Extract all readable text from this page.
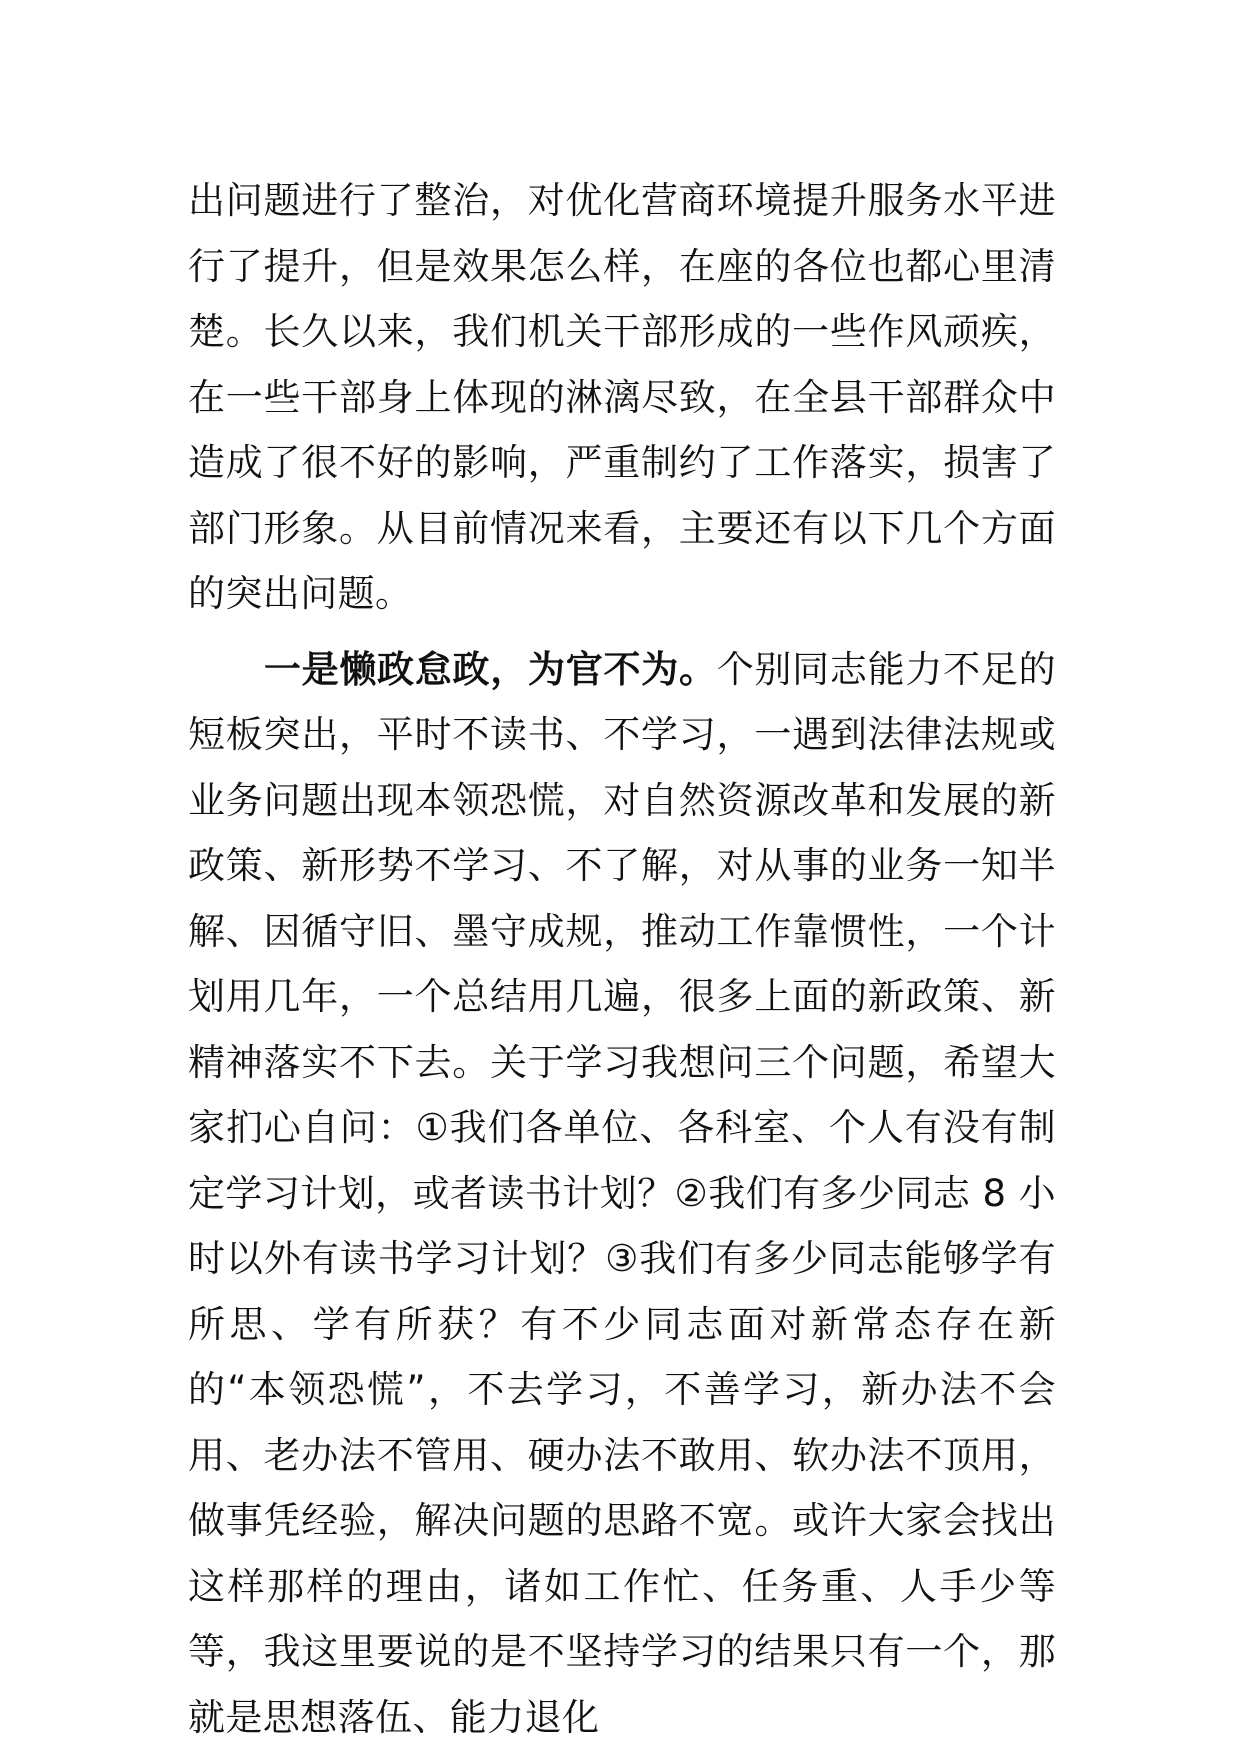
出问题进行了整治，对优化营商环境提升服务水平进行了提升，但是效果怎么样，在座的各位也都心里清楚。长久以来，我们机关干部形成的一些作风顽疾，在一些干部身上体现的淋漓尽致，在全县干部群众中造成了很不好的影响，严重制约了工作落实，损害了部门形象。从目前情况来看，主要还有以下几个方面的突出问题。

一是懒政怠政，为官不为。个别同志能力不足的短板突出，平时不读书、不学习，一遇到法律法规或业务问题出现本领恐慌，对自然资源改革和发展的新政策、新形势不学习、不了解，对从事的业务一知半解、因循守旧、墨守成规，推动工作靠惯性，一个计划用几年，一个总结用几遍，很多上面的新政策、新精神落实不下去。关于学习我想问三个问题，希望大家扪心自问：①我们各单位、各科室、个人有没有制定学习计划，或者读书计划？②我们有多少同志 8 小时以外有读书学习计划？③我们有多少同志能够学有所思、学有所获？有不少同志面对新常态存在新的“本领恐慌”，不去学习，不善学习，新办法不会用、老办法不管用、硬办法不敢用、软办法不顶用，做事凭经验，解决问题的思路不宽。或许大家会找出这样那样的理由，诸如工作忙、任务重、人手少等等，我这里要说的是不坚持学习的结果只有一个，那就是思想落伍、能力退化
